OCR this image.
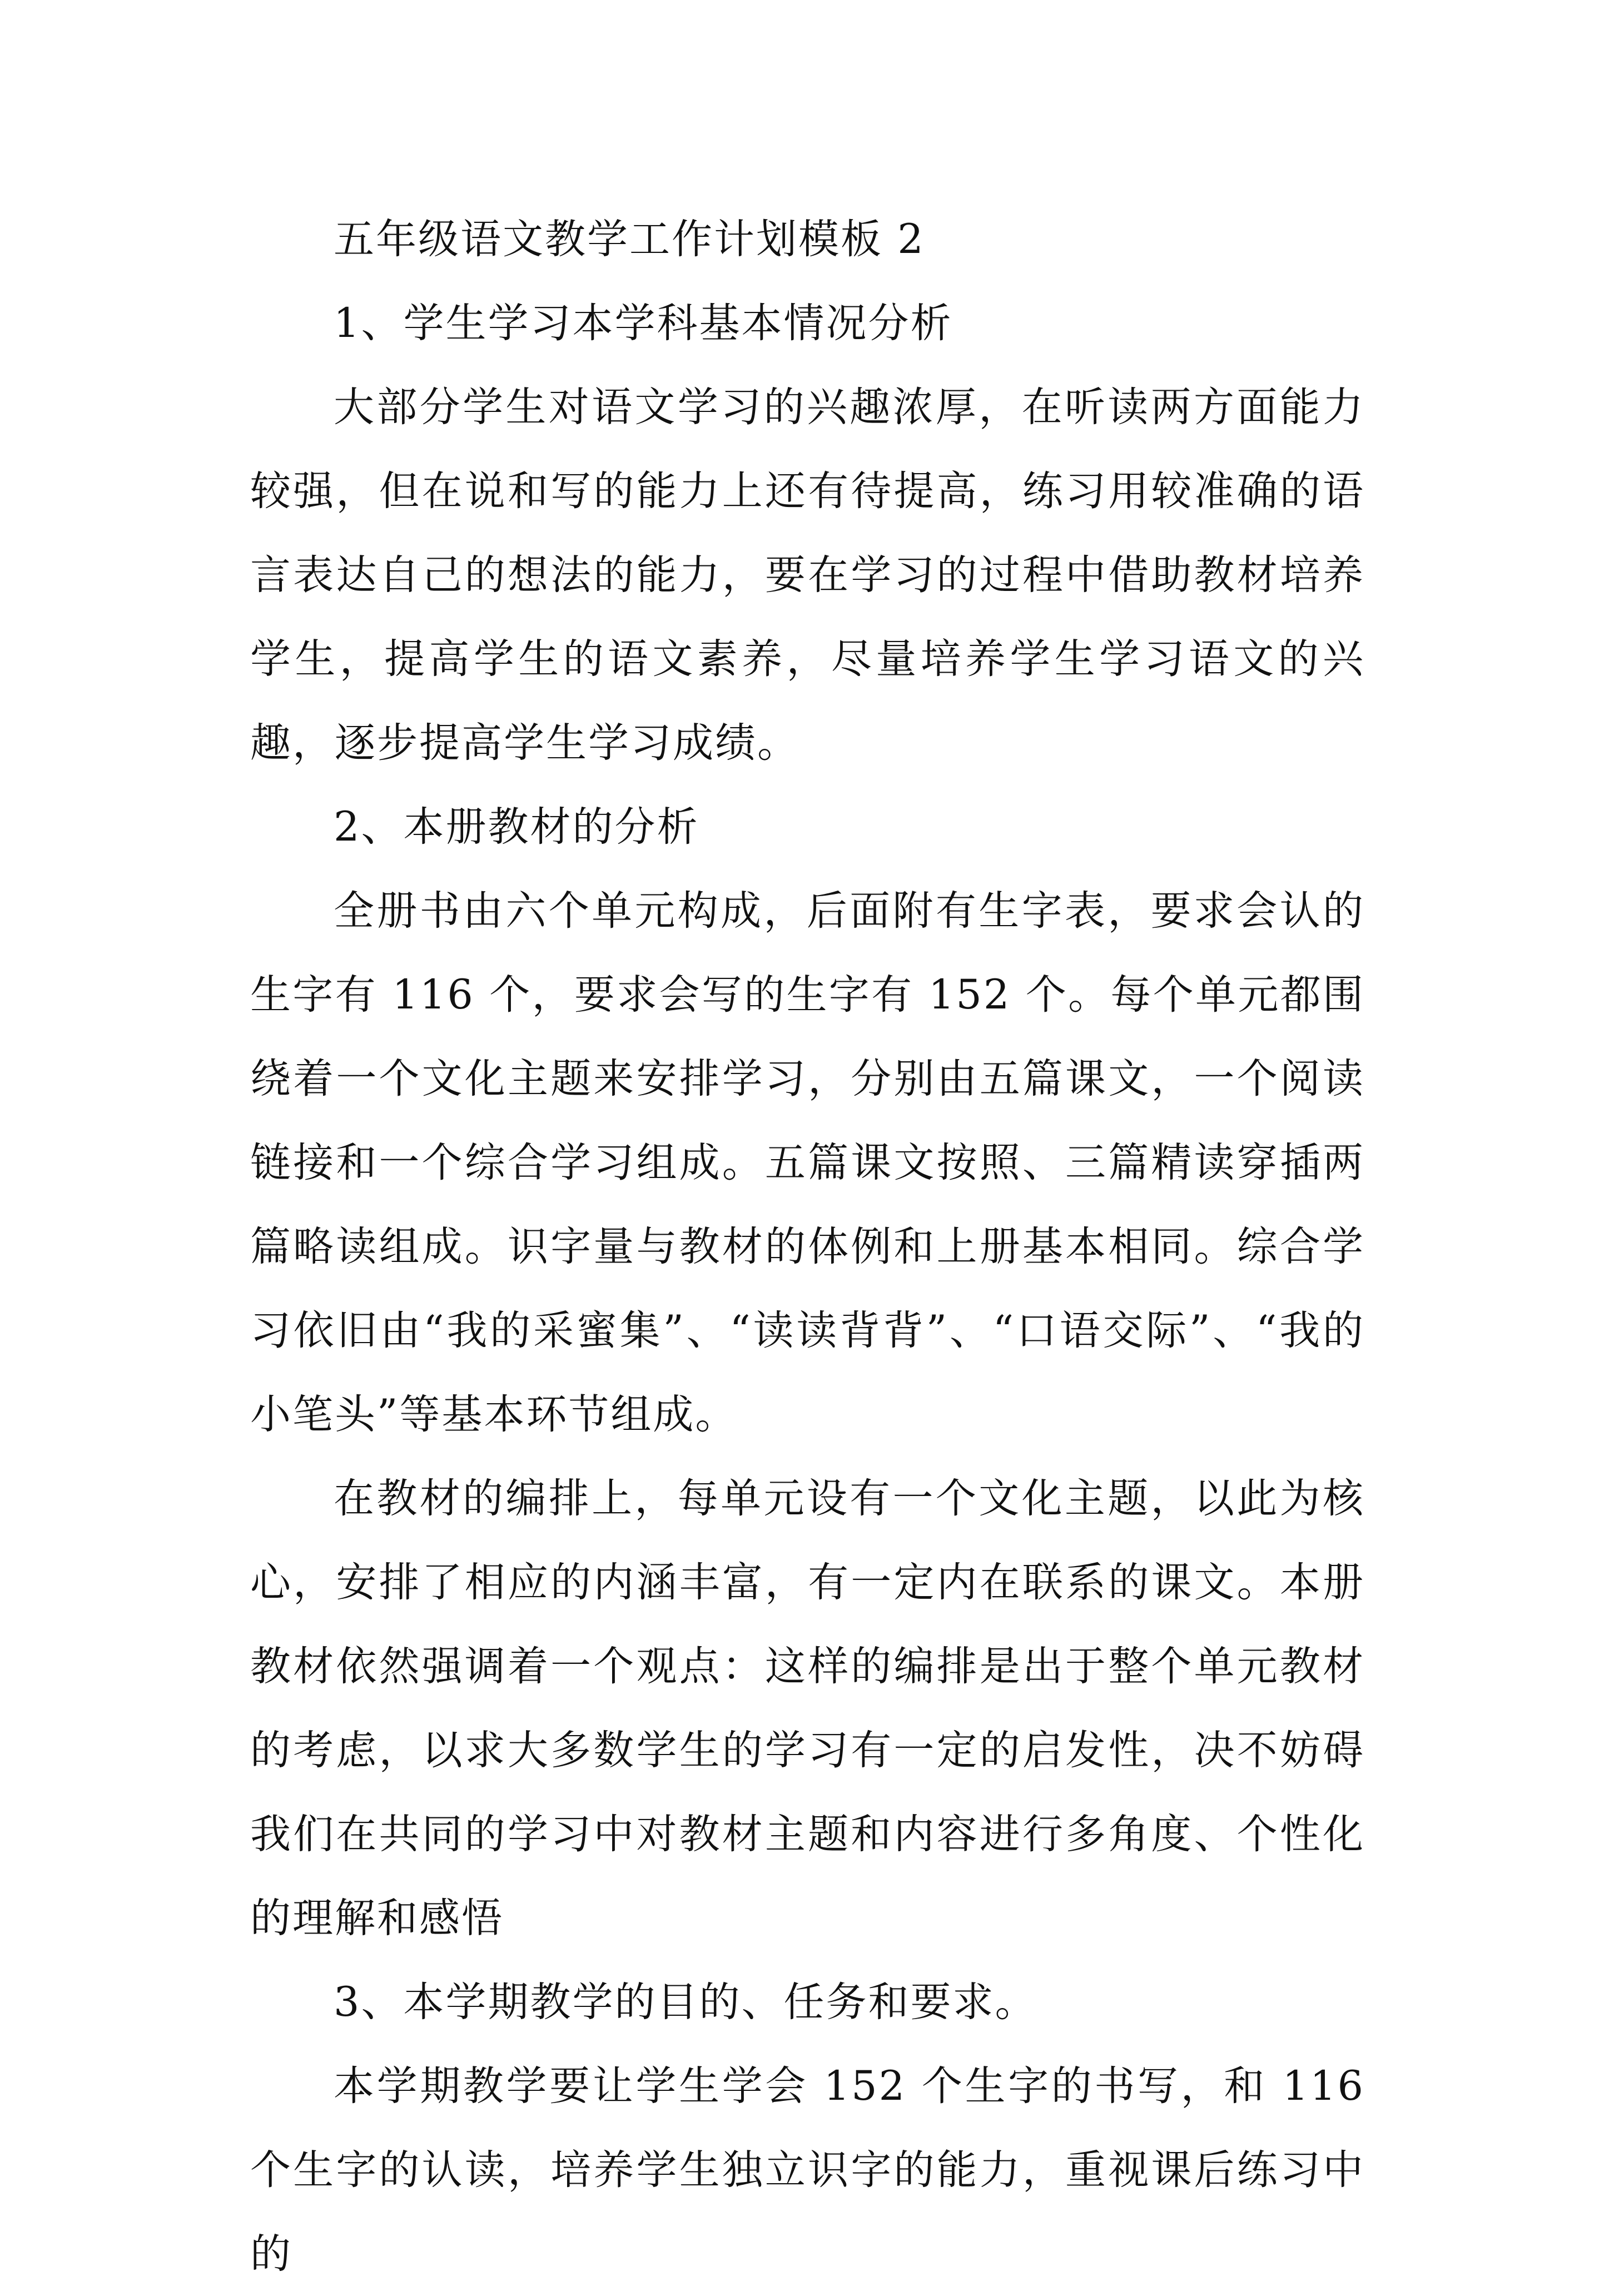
五年级语文教学工作计划模板 2

1、学生学习本学科基本情况分析

大部分学生对语文学习的兴趣浓厚，在听读两方面能力较强，但在说和写的能力上还有待提高，练习用较准确的语言表达自己的想法的能力，要在学习的过程中借助教材培养学生，提高学生的语文素养，尽量培养学生学习语文的兴趣，逐步提高学生学习成绩。

2、本册教材的分析

全册书由六个单元构成，后面附有生字表，要求会认的生字有 116 个，要求会写的生字有 152 个。每个单元都围绕着一个文化主题来安排学习，分别由五篇课文，一个阅读链接和一个综合学习组成。五篇课文按照、三篇精读穿插两篇略读组成。识字量与教材的体例和上册基本相同。综合学习依旧由“我的采蜜集”、“读读背背”、“口语交际”、“我的小笔头”等基本环节组成。

在教材的编排上，每单元设有一个文化主题，以此为核心，安排了相应的内涵丰富，有一定内在联系的课文。本册教材依然强调着一个观点：这样的编排是出于整个单元教材的考虑，以求大多数学生的学习有一定的启发性，决不妨碍我们在共同的学习中对教材主题和内容进行多角度、个性化的理解和感悟

3、本学期教学的目的、任务和要求。

本学期教学要让学生学会 152 个生字的书写，和 116 个生字的认读，培养学生独立识字的能力，重视课后练习中的
